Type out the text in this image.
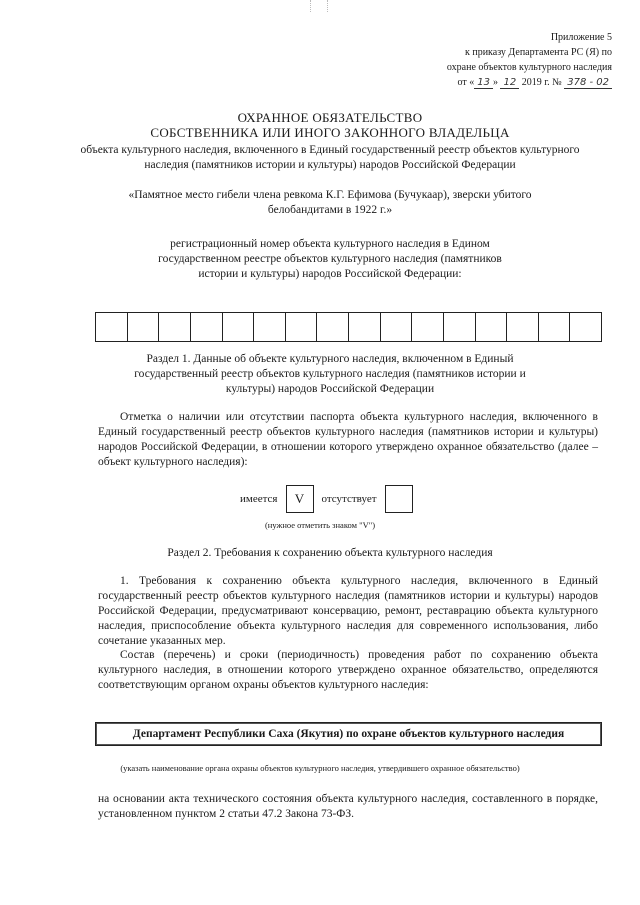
Приложение 5
к приказу Департамента РС (Я) по
охране объектов культурного наследия
от « 13 » 12 2019 г. № 378 - 02
ОХРАННОЕ ОБЯЗАТЕЛЬСТВО
СОБСТВЕННИКА ИЛИ ИНОГО ЗАКОННОГО ВЛАДЕЛЬЦА
объекта культурного наследия, включенного в Единый государственный реестр объектов культурного наследия (памятников истории и культуры) народов Российской Федерации
«Памятное место гибели члена ревкома К.Г. Ефимова (Бучукаар), зверски убитого белобандитами в 1922 г.»
регистрационный номер объекта культурного наследия в Едином государственном реестре объектов культурного наследия (памятников истории и культуры) народов Российской Федерации:
Раздел 1. Данные об объекте культурного наследия, включенном в Единый государственный реестр объектов культурного наследия (памятников истории и культуры) народов Российской Федерации
Отметка о наличии или отсутствии паспорта объекта культурного наследия, включенного в Единый государственный реестр объектов культурного наследия (памятников истории и культуры) народов Российской Федерации, в отношении которого утверждено охранное обязательство (далее – объект культурного наследия):
имеется	V	отсутствует
(нужное отметить знаком "V")
Раздел 2. Требования к сохранению объекта культурного наследия
1. Требования к сохранению объекта культурного наследия, включенного в Единый государственный реестр объектов культурного наследия (памятников истории и культуры) народов Российской Федерации, предусматривают консервацию, ремонт, реставрацию объекта культурного наследия, приспособление объекта культурного наследия для современного использования, либо сочетание указанных мер.
Состав (перечень) и сроки (периодичность) проведения работ по сохранению объекта культурного наследия, в отношении которого утверждено охранное обязательство, определяются соответствующим органом охраны объектов культурного наследия:
Департамент Республики Саха (Якутия) по охране объектов культурного наследия
(указать наименование органа охраны объектов культурного наследия, утвердившего охранное обязательство)
на основании акта технического состояния объекта культурного наследия, составленного в порядке, установленном пунктом 2 статьи 47.2 Закона 73-ФЗ.
